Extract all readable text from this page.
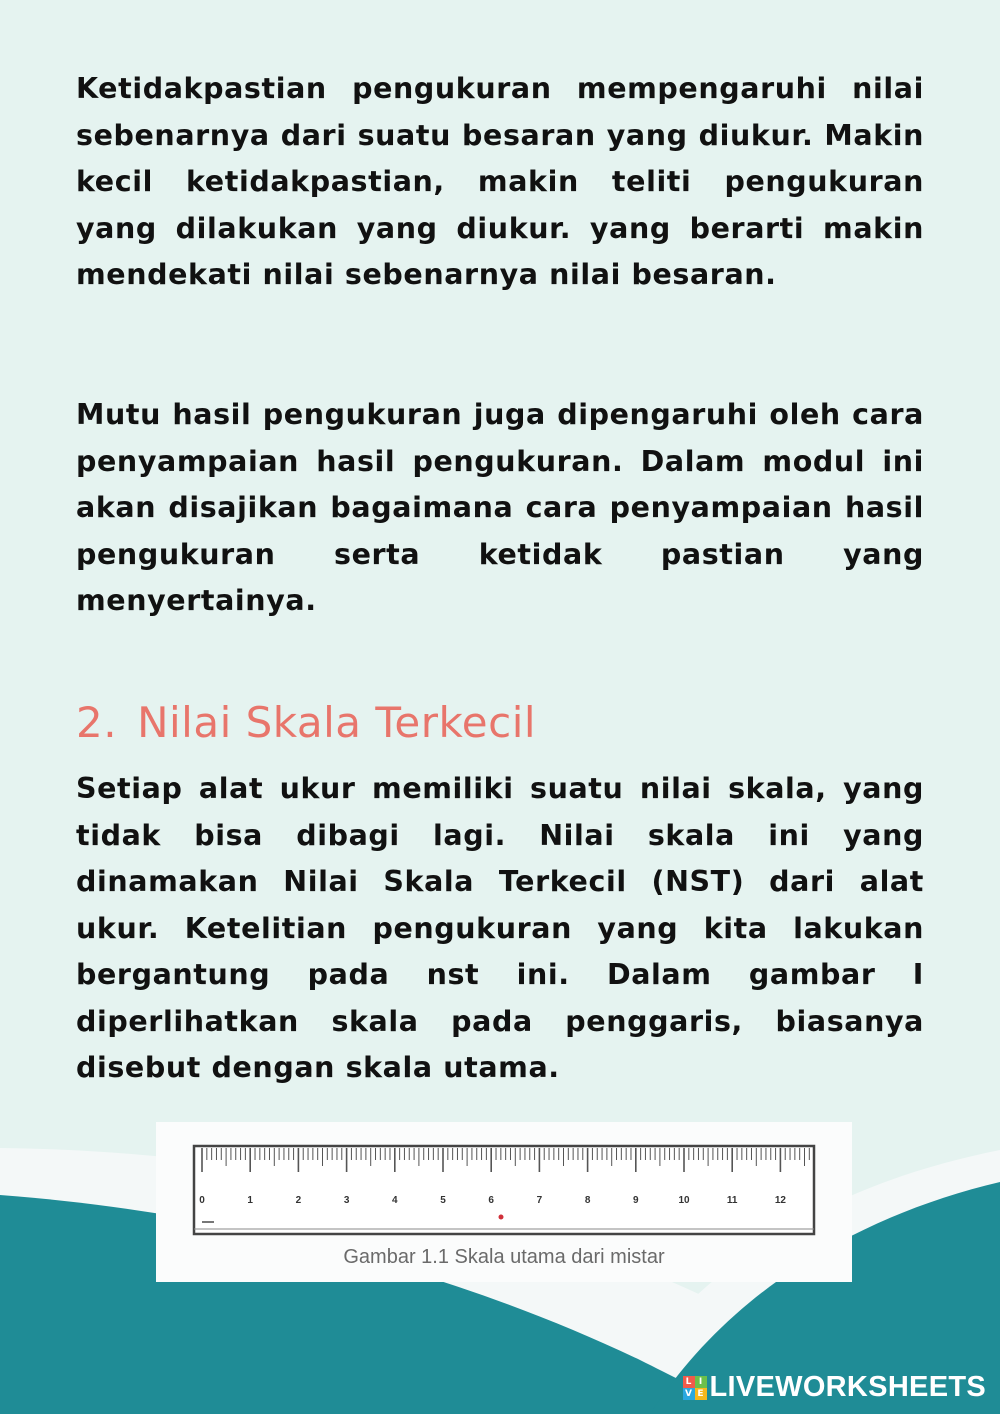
Ketidakpastian pengukuran mempengaruhi nilai sebenarnya dari suatu besaran yang diukur. Makin kecil ketidakpastian, makin teliti pengukuran yang dilakukan yang diukur. yang berarti makin mendekati nilai sebenarnya nilai besaran.

Mutu hasil pengukuran juga dipengaruhi oleh cara penyampaian hasil pengukuran. Dalam modul ini akan disajikan bagaimana cara penyampaian hasil pengukuran serta ketidak pastian yang menyertainya.

2. Nilai Skala Terkecil

Setiap alat ukur memiliki suatu nilai skala, yang tidak bisa dibagi lagi. Nilai skala ini yang dinamakan Nilai Skala Terkecil (NST) dari alat ukur. Ketelitian pengukuran yang kita lakukan bergantung pada nst ini. Dalam gambar I diperlihatkan skala pada penggaris, biasanya disebut dengan skala utama.

0	1	2	3	4	5	6	7	8	9	10	11	12
Gambar 1.1 Skala utama dari mistar
L I
V E LIVEWORKSHEETS
